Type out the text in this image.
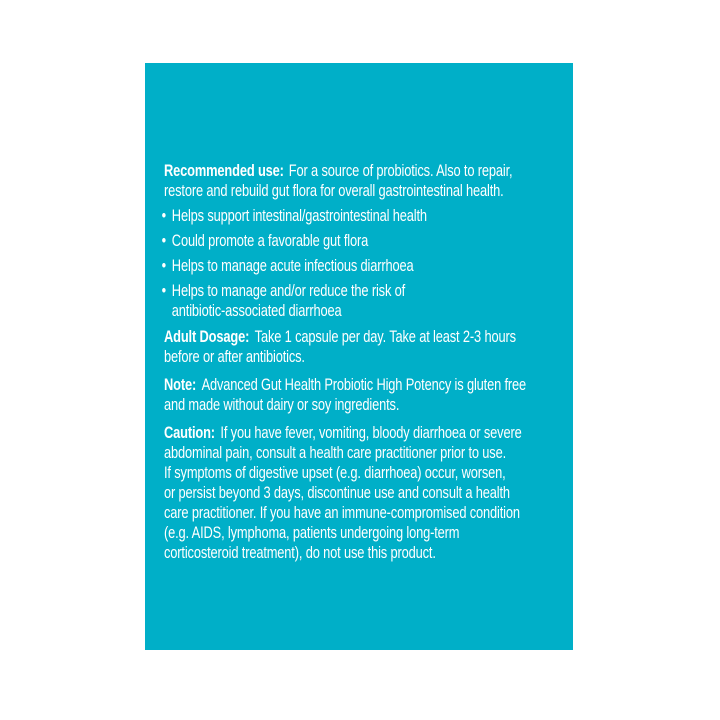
Recommended use: For a source of probiotics. Also to repair,
restore and rebuild gut flora for overall gastrointestinal health.

• Helps support intestinal/gastrointestinal health
• Could promote a favorable gut flora
• Helps to manage acute infectious diarrhoea
• Helps to manage and/or reduce the risk of
antibiotic-associated diarrhoea

Adult Dosage: Take 1 capsule per day. Take at least 2-3 hours
before or after antibiotics.

Note: Advanced Gut Health Probiotic High Potency is gluten free
and made without dairy or soy ingredients.

Caution: If you have fever, vomiting, bloody diarrhoea or severe
abdominal pain, consult a health care practitioner prior to use.
If symptoms of digestive upset (e.g. diarrhoea) occur, worsen,
or persist beyond 3 days, discontinue use and consult a health
care practitioner. If you have an immune-compromised condition
(e.g. AIDS, lymphoma, patients undergoing long-term
corticosteroid treatment), do not use this product.
